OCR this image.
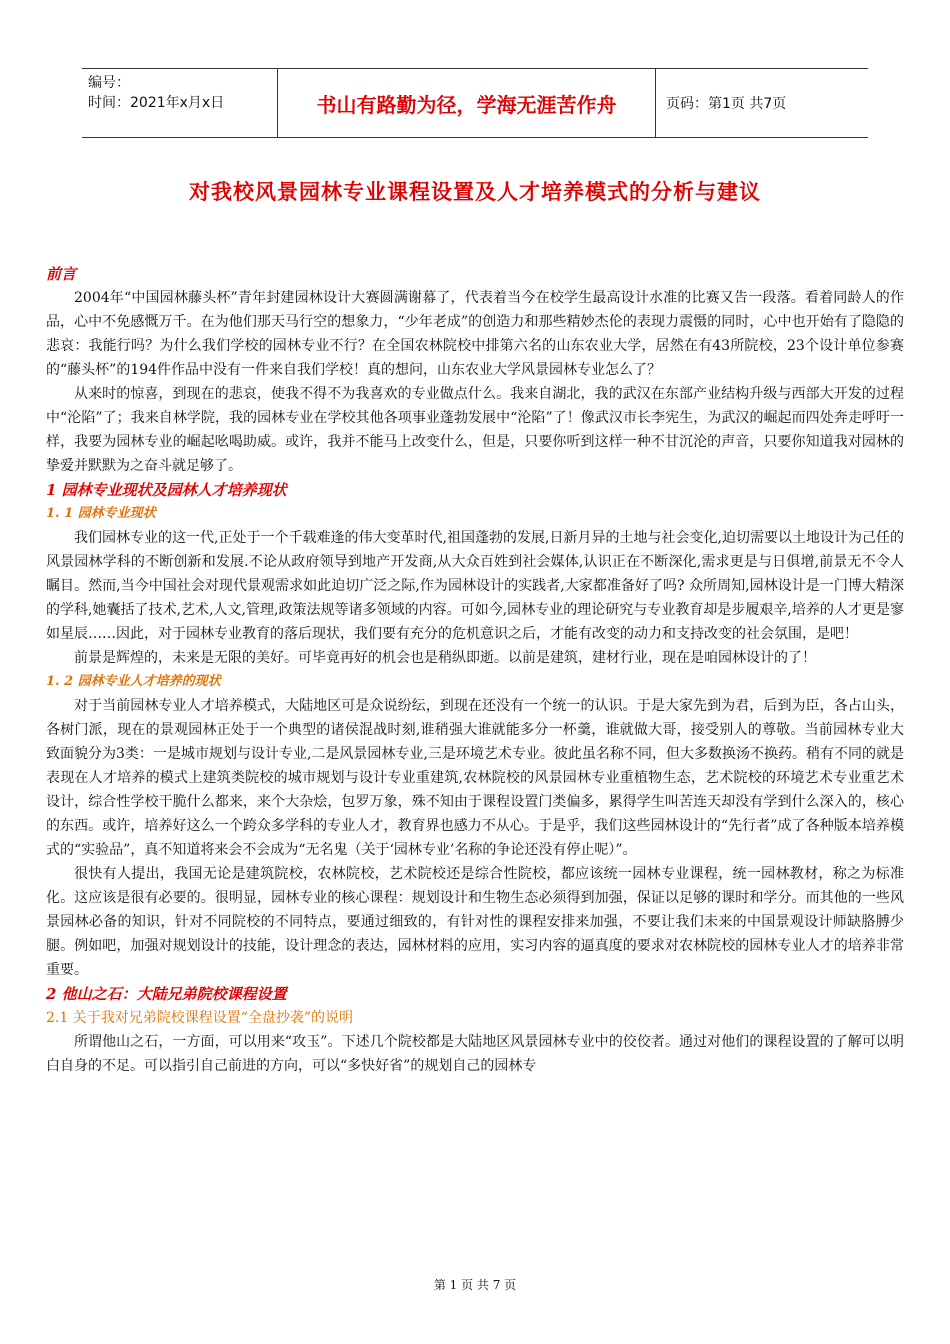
编号：
时间：2021年x月x日	书山有路勤为径，学海无涯苦作舟	页码：第1页 共7页
对我校风景园林专业课程设置及人才培养模式的分析与建议

前言

2004年“中国园林藤头杯”青年封建园林设计大赛圆满谢幕了，代表着当今在校学生最高设计水准的比赛又告一段落。看着同龄人的作品，心中不免感慨万千。在为他们那天马行空的想象力，“少年老成”的创造力和那些精妙杰伦的表现力震慑的同时，心中也开始有了隐隐的悲哀：我能行吗？为什么我们学校的园林专业不行？在全国农林院校中排第六名的山东农业大学，居然在有43所院校，23个设计单位参赛的“藤头杯”的194件作品中没有一件来自我们学校！真的想问，山东农业大学风景园林专业怎么了？

从来时的惊喜，到现在的悲哀，使我不得不为我喜欢的专业做点什么。我来自湖北，我的武汉在东部产业结构升级与西部大开发的过程中“沦陷”了；我来自林学院，我的园林专业在学校其他各项事业蓬勃发展中“沦陷”了！像武汉市长李宪生，为武汉的崛起而四处奔走呼吁一样，我要为园林专业的崛起吆喝助威。或许，我并不能马上改变什么，但是，只要你听到这样一种不甘沉沦的声音，只要你知道我对园林的挚爱并默默为之奋斗就足够了。

1 园林专业现状及园林人才培养现状

1. 1 园林专业现状

我们园林专业的这一代,正处于一个千载难逢的伟大变革时代,祖国蓬勃的发展,日新月异的土地与社会变化,迫切需要以土地设计为己任的风景园林学科的不断创新和发展.不论从政府领导到地产开发商,从大众百姓到社会媒体,认识正在不断深化,需求更是与日俱增,前景无不令人瞩目。然而,当今中国社会对现代景观需求如此迫切广泛之际,作为园林设计的实践者,大家都准备好了吗? 众所周知,园林设计是一门博大精深的学科,她囊括了技术,艺术,人文,管理,政策法规等诸多领域的内容。可如今,园林专业的理论研究与专业教育却是步履艰辛,培养的人才更是寥如星辰……因此，对于园林专业教育的落后现状，我们要有充分的危机意识之后，才能有改变的动力和支持改变的社会氛围，是吧！

前景是辉煌的，未来是无限的美好。可毕竟再好的机会也是稍纵即逝。以前是建筑，建材行业，现在是咱园林设计的了！

1. 2 园林专业人才培养的现状

对于当前园林专业人才培养模式，大陆地区可是众说纷纭，到现在还没有一个统一的认识。于是大家先到为君，后到为臣，各占山头，各树门派，现在的景观园林正处于一个典型的诸侯混战时刻,谁稍强大谁就能多分一杯羹，谁就做大哥，接受别人的尊敬。当前园林专业大致面貌分为3类：一是城市规划与设计专业,二是风景园林专业,三是环境艺术专业。彼此虽名称不同，但大多数换汤不换药。稍有不同的就是表现在人才培养的模式上建筑类院校的城市规划与设计专业重建筑,农林院校的风景园林专业重植物生态，艺术院校的环境艺术专业重艺术设计，综合性学校干脆什么都来，来个大杂烩，包罗万象，殊不知由于课程设置门类偏多，累得学生叫苦连天却没有学到什么深入的，核心的东西。或许，培养好这么一个跨众多学科的专业人才，教育界也感力不从心。于是乎，我们这些园林设计的“先行者”成了各种版本培养模式的“实验品”，真不知道将来会不会成为“无名鬼（关于‘园林专业’名称的争论还没有停止呢）”。

很快有人提出，我国无论是建筑院校，农林院校，艺术院校还是综合性院校，都应该统一园林专业课程，统一园林教材，称之为标准化。这应该是很有必要的。很明显，园林专业的核心课程：规划设计和生物生态必须得到加强，保证以足够的课时和学分。而其他的一些风景园林必备的知识，针对不同院校的不同特点，要通过细致的，有针对性的课程安排来加强，不要让我们未来的中国景观设计师缺胳膊少腿。例如吧，加强对规划设计的技能，设计理念的表达，园林材料的应用，实习内容的逼真度的要求对农林院校的园林专业人才的培养非常重要。

2 他山之石：大陆兄弟院校课程设置

2.1 关于我对兄弟院校课程设置“全盘抄袭”的说明

所谓他山之石，一方面，可以用来“攻玉”。下述几个院校都是大陆地区风景园林专业中的佼佼者。通过对他们的课程设置的了解可以明白自身的不足。可以指引自己前进的方向，可以“多快好省”的规划自己的园林专

第 1 页 共 7 页
